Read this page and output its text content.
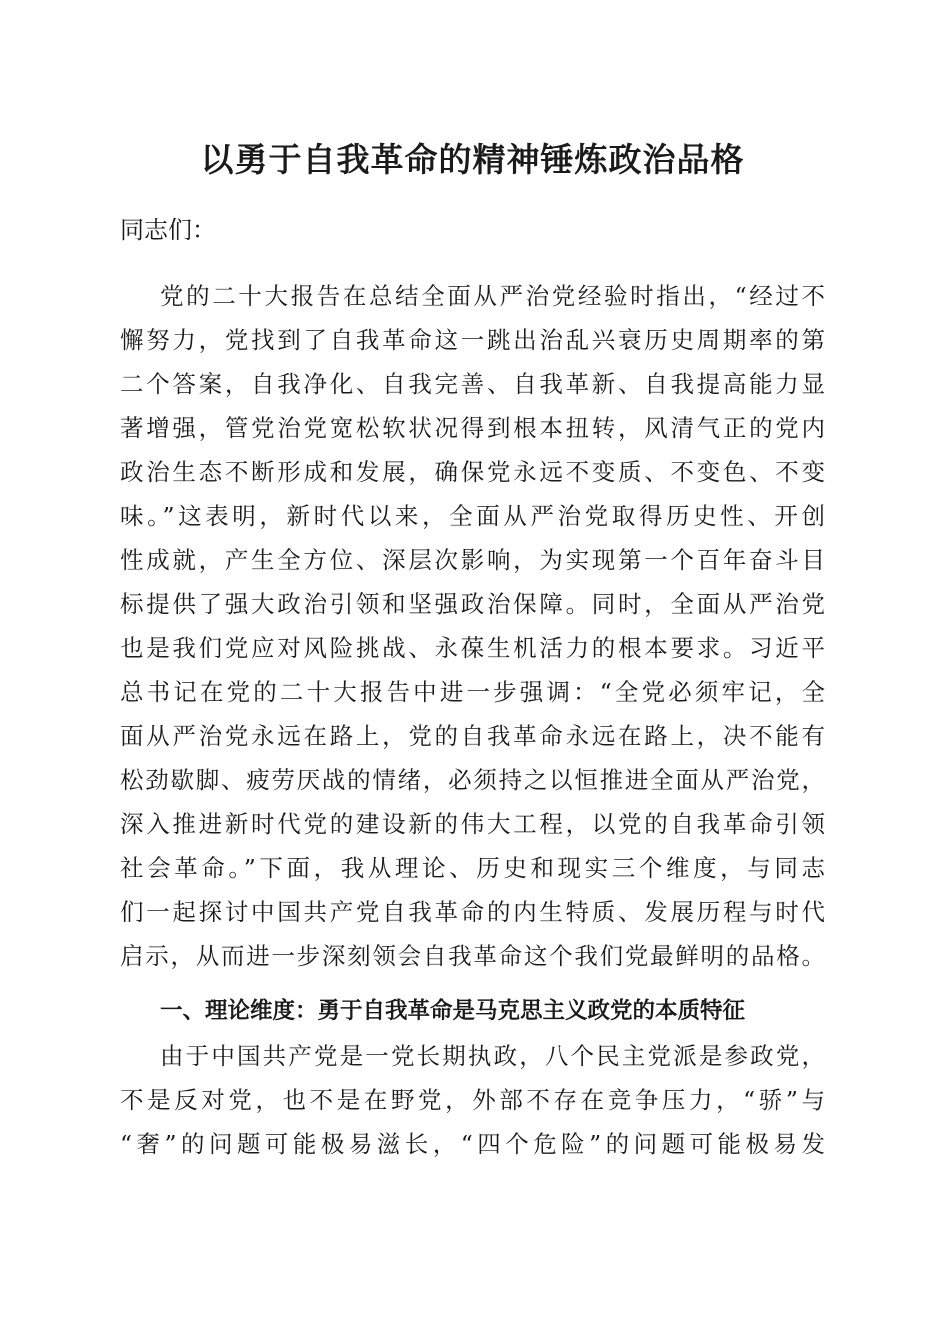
以勇于自我革命的精神锤炼政治品格

同志们：

党的二十大报告在总结全面从严治党经验时指出，“经过不

懈努力，党找到了自我革命这一跳出治乱兴衰历史周期率的第

二个答案，自我净化、自我完善、自我革新、自我提高能力显

著增强，管党治党宽松软状况得到根本扭转，风清气正的党内

政治生态不断形成和发展，确保党永远不变质、不变色、不变

味。”这表明，新时代以来，全面从严治党取得历史性、开创

性成就，产生全方位、深层次影响，为实现第一个百年奋斗目

标提供了强大政治引领和坚强政治保障。同时，全面从严治党

也是我们党应对风险挑战、永葆生机活力的根本要求。习近平

总书记在党的二十大报告中进一步强调：“全党必须牢记，全

面从严治党永远在路上，党的自我革命永远在路上，决不能有

松劲歇脚、疲劳厌战的情绪，必须持之以恒推进全面从严治党，

深入推进新时代党的建设新的伟大工程，以党的自我革命引领

社会革命。”下面，我从理论、历史和现实三个维度，与同志

们一起探讨中国共产党自我革命的内生特质、发展历程与时代

启示，从而进一步深刻领会自我革命这个我们党最鲜明的品格。

一、理论维度：勇于自我革命是马克思主义政党的本质特征

由于中国共产党是一党长期执政，八个民主党派是参政党，

不是反对党，也不是在野党，外部不存在竞争压力，“骄”与

“奢”的问题可能极易滋长，“四个危险”的问题可能极易发
